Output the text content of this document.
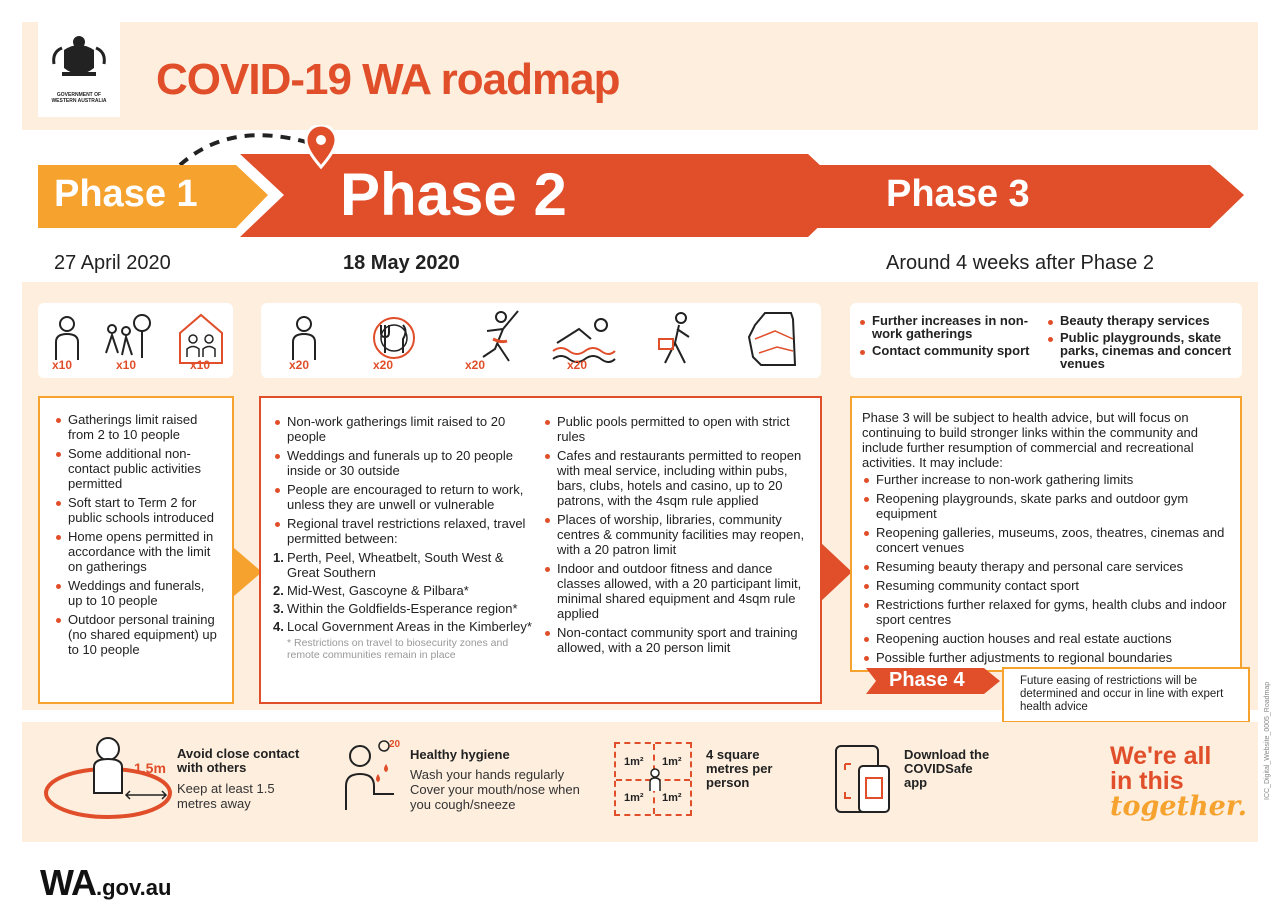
GOVERNMENT OF
WESTERN AUSTRALIA	COVID-19 WA roadmap
Phase 1 Phase 2	Phase 3
27 April 2020	18 May 2020	Around 4 weeks after Phase 2
x10	x10	x10	x20	x20	x20	x20
Further increases in non-work gatherings
Contact community sport
Beauty therapy services
Public playgrounds, skate parks, cinemas and concert venues
Gatherings limit raised from 2 to 10 people
Some additional non-contact public activities permitted
Soft start to Term 2 for public schools introduced
Home opens permitted in accordance with the limit on gatherings
Weddings and funerals, up to 10 people
Outdoor personal training (no shared equipment) up to 10 people
Non-work gatherings limit raised to 20 people
Weddings and funerals up to 20 people inside or 30 outside
People are encouraged to return to work, unless they are unwell or vulnerable
Regional travel restrictions relaxed, travel permitted between:
1. Perth, Peel, Wheatbelt, South West & Great Southern
2. Mid-West, Gascoyne & Pilbara*
3. Within the Goldfields-Esperance region*
4. Local Government Areas in the Kimberley*
* Restrictions on travel to biosecurity zones and remote communities remain in place
Public pools permitted to open with strict rules
Cafes and restaurants permitted to reopen with meal service, including within pubs, bars, clubs, hotels and casino, up to 20 patrons, with the 4sqm rule applied
Places of worship, libraries, community centres & community facilities may reopen, with a 20 patron limit
Indoor and outdoor fitness and dance classes allowed, with a 20 participant limit, minimal shared equipment and 4sqm rule applied
Non-contact community sport and training allowed, with a 20 person limit
Phase 3 will be subject to health advice, but will focus on continuing to build stronger links within the community and include further resumption of commercial and recreational activities. It may include:
Further increase to non-work gathering limits
Reopening playgrounds, skate parks and outdoor gym equipment
Reopening galleries, museums, zoos, theatres, cinemas and concert venues
Resuming beauty therapy and personal care services
Resuming community contact sport
Restrictions further relaxed for gyms, health clubs and indoor sport centres
Reopening auction houses and real estate auctions
Possible further adjustments to regional boundaries
Phase 4	Future easing of restrictions will be determined and occur in line with expert health advice
1.5m
Avoid close contact with others
Keep at least 1.5 metres away
20
Healthy hygiene
Wash your hands regularly Cover your mouth/nose when you cough/sneeze
1m² 1m²
1m² 1m²
4 square metres per person
Download the COVIDSafe app
We're all
in this
together.
WA.gov.au
ICC_Digital_Website_0005_Roadmap
